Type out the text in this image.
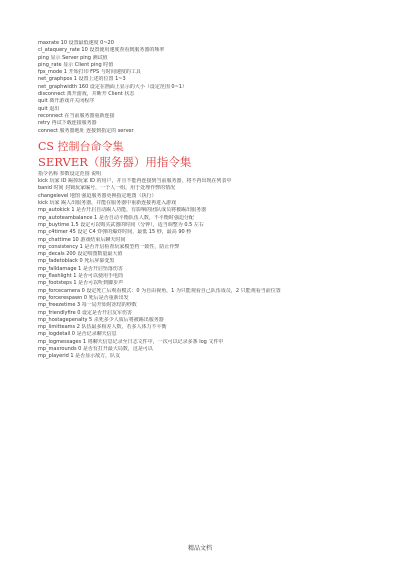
maxrate 10 设置最低速度 0~20
cl_ataquery_rate 10 设置使用速度查看到服务器的频率
ping 显示 Server ping 测试值
ping_rate 显示 Client ping 时值
fps_mode 1 开始打印 FPS 与时间速度的工具
net_graphpos 1 设置上述的位置 1~3
net_graphwidth 160 设定在画面上显示的大小（设定范围 0~1）
disconnect 离开游戏，并断开 Client 状态
quit 离开游戏并关闭程序
quit 退出
reconnect 在当前服务器重新连接
retry 再试下载连接服务器
connect 服务器地址 连接到指定的 server
CS 控制台命令集
SERVER（服务器）用指令集
指令名称 参数设定范围 说明
kick 玩家 ID 踢掉玩家 ID 的用户，并且不能再连接到当前服务器，将不再出现在列表中
banid 时间 封锁玩家编号，一个人一组，用于处理作弊的情况
changelevel 地图 强迫服务器更换指定地图（执行）
kick 玩家 踢人出服务器，并能在服务器中重新连接再进入游戏
mp_autokick 1 是否开启自动踢人功能，有影响的团队成员将被踢出服务器
mp_autoteambalance 1 是否自动平衡队伍人数，不平衡时强迫分配
mp_buytime 1.5 设定可以购买武器的时间（分钟），适当调整为 0.5 左右
mp_c4timer 45 设定 C4 炸弹的爆炸时间，最低 15 秒，最高 90 秒
mp_chattime 10 游戏结束后聊天时间
mp_consistency 1 是否开启检查玩家模型档一致性，防止作弊
mp_decals 200 设定喷图数量最大值
mp_fadetoblack 0 死后屏幕变黑
mp_falldamage 1 是否开启坠落伤害
mp_flashlight 1 是否可以使用手电筒
mp_footsteps 1 是否可以听到脚步声
mp_forcecamera 0 设定死亡后观看模式：0 为自由视角，1 为只能观看自己队伍成员，2 只能观看当前位置
mp_forcerespawn 0 死后是否重新出发
mp_freezetime 3 每一局开始时冻结的秒数
mp_friendlyfire 0 设定是否开启友军伤害
mp_hostagepenalty 5 杀死多少人质后将被踢出服务器
mp_limitteams 2 队伍最多相差人数，若多人体力不平衡
mp_logdetail 0 是否记录聊天信息
mp_logmessages 1 将聊天信息记录至日志文件中，一次可以记录多条 log 文件中
mp_maxrounds 0 是否有打开最大局数，这是可以
mp_playerid 1 是否显示敌方，队友
精品文档
